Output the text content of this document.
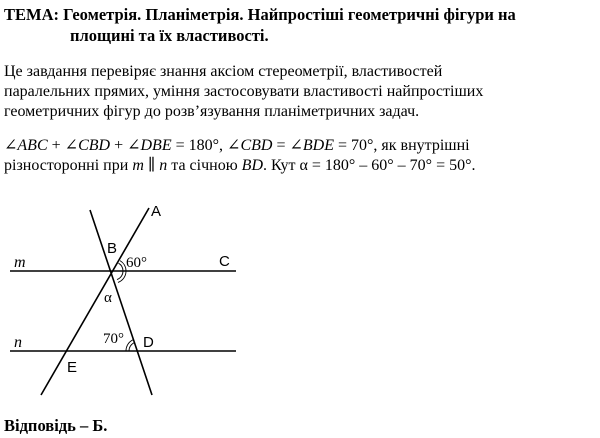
ТЕМА: Геометрія. Планіметрія. Найпростіші геометричні фігури на
площині та їх властивості.
Це завдання перевіряє знання аксіом стереометрії, властивостей
паралельних прямих, уміння застосовувати властивості найпростіших
геометричних фігур до розв’язування планіметричних задач.
∠ABC + ∠CBD + ∠DBE = 180°, ∠CBD = ∠BDE = 70°, як внутрішні
різносторонні при m ∥ n та січною BD. Кут α = 180° – 60° – 70° = 50°.
A
B
C
D
E
m
n
60°
70°
α
Відповідь – Б.
